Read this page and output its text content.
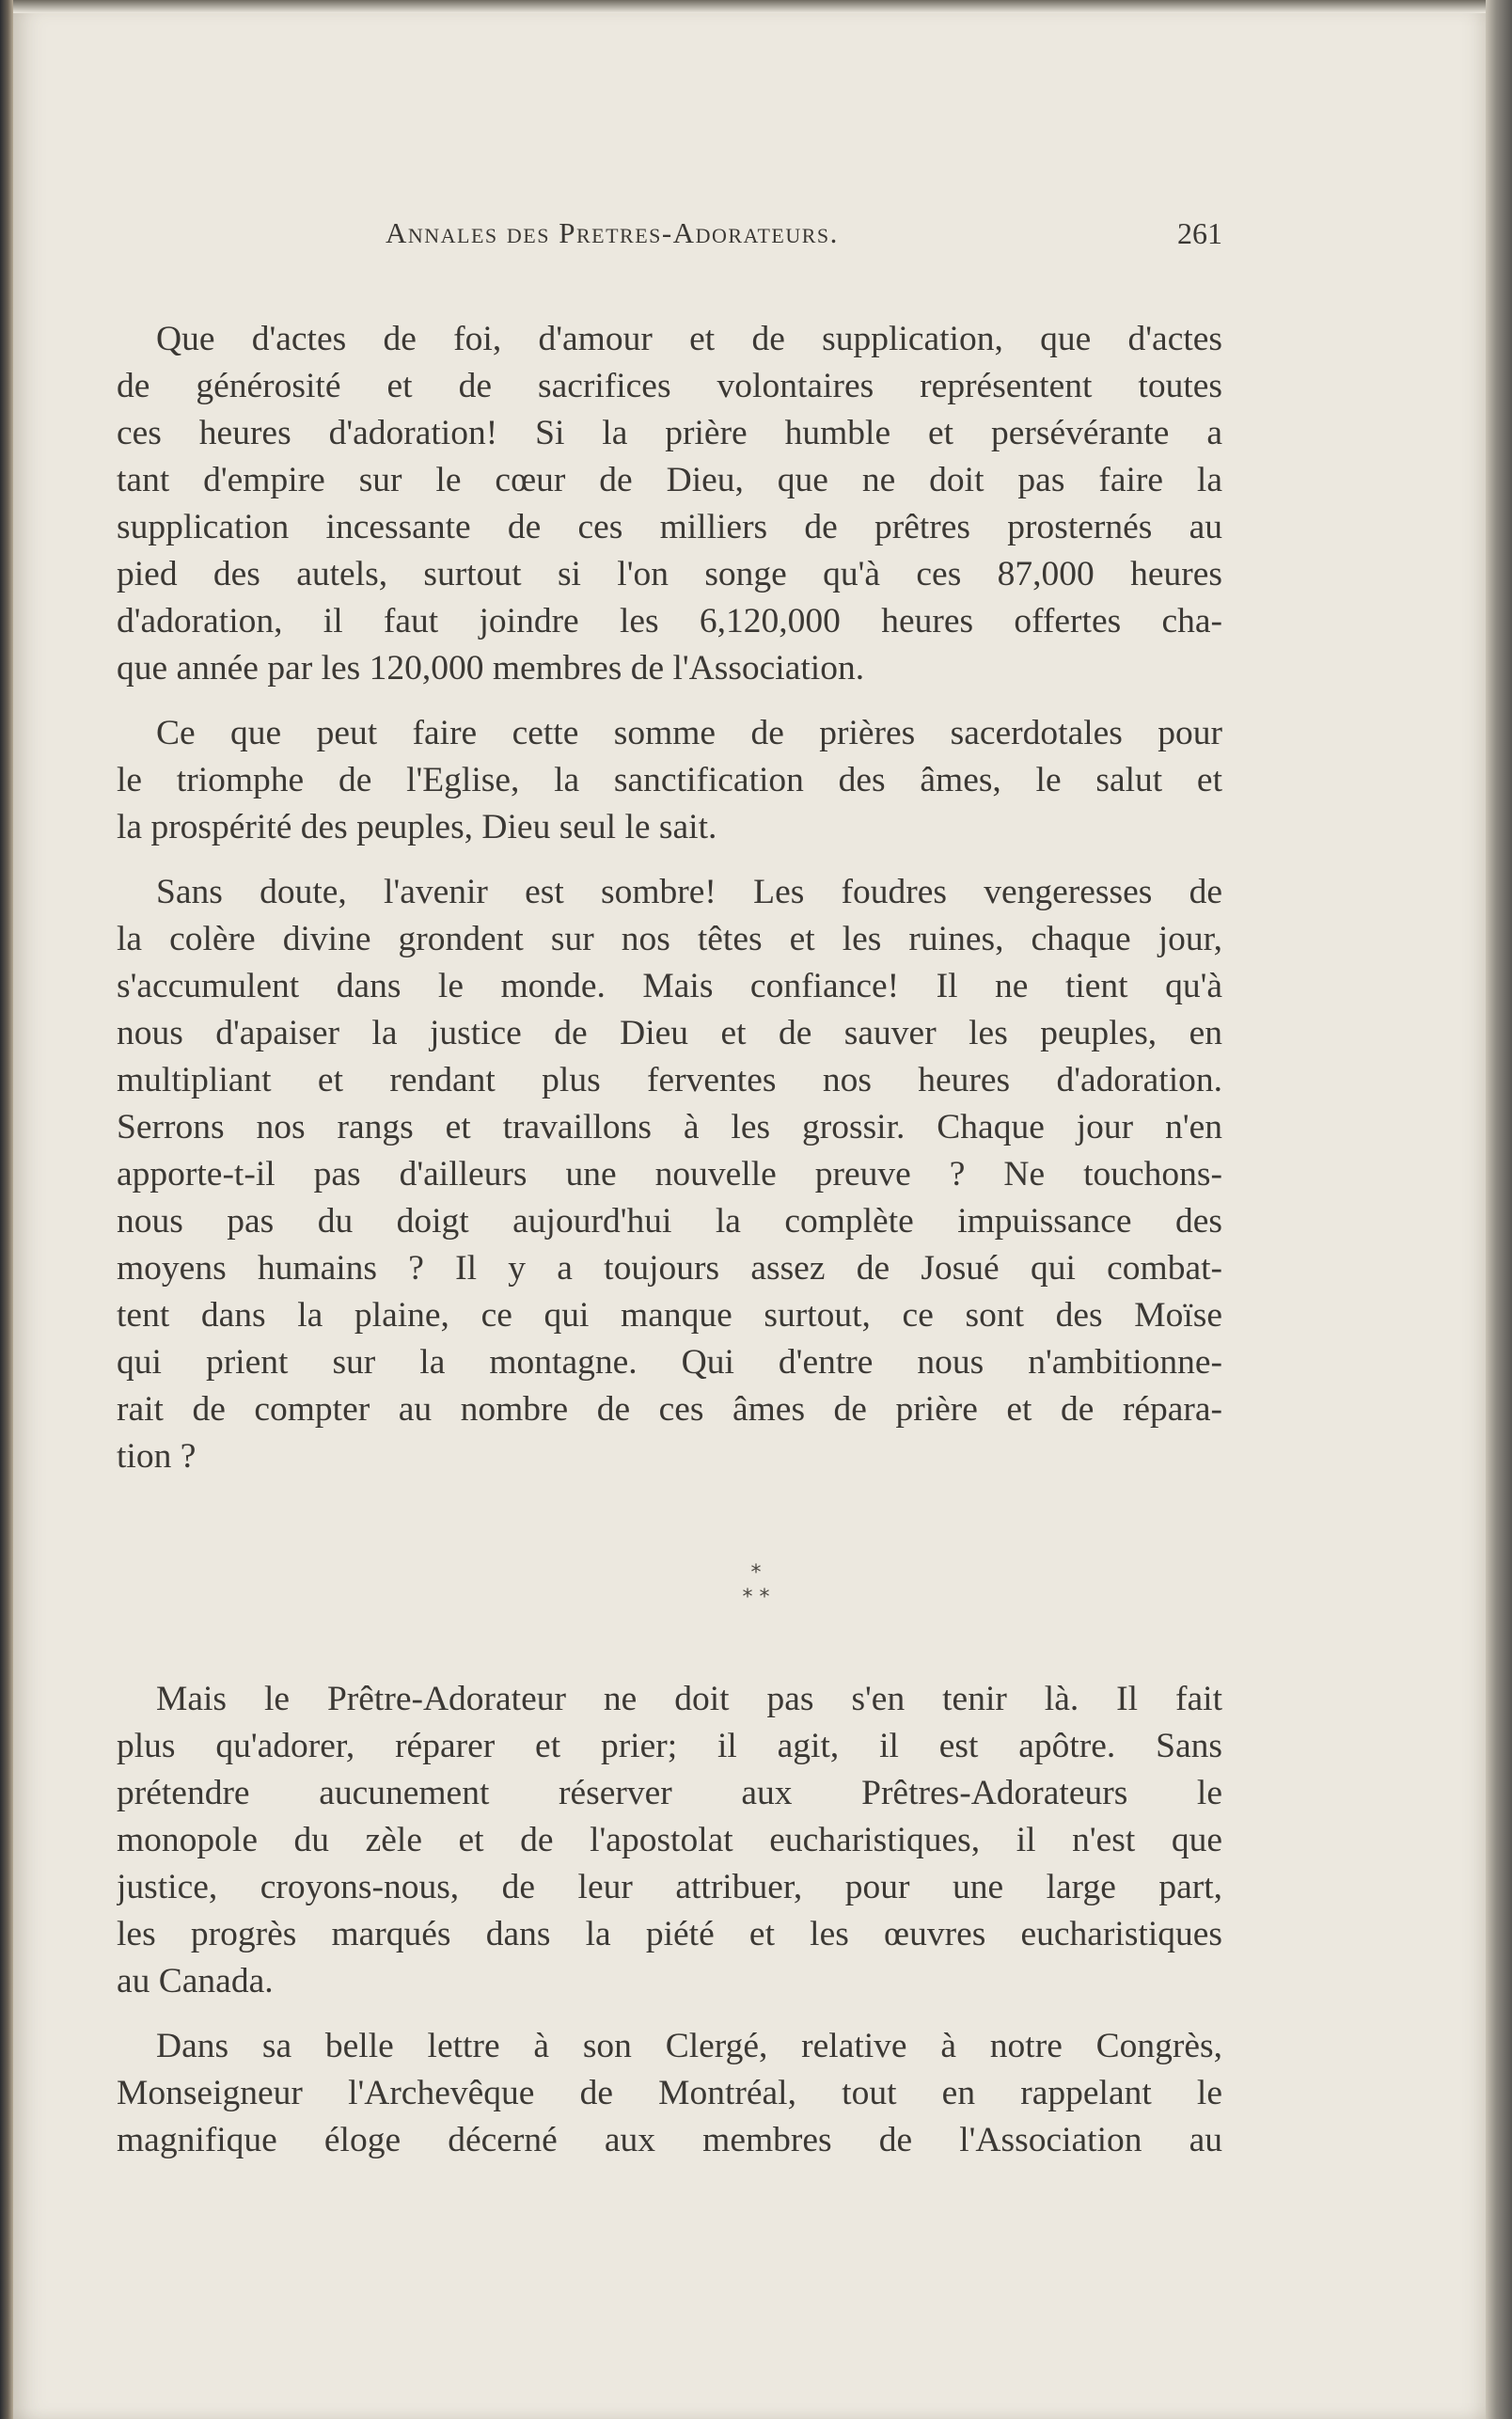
Annales des Pretres-Adorateurs.	261
Que d'actes de foi, d'amour et de supplication, que d'actes
de générosité et de sacrifices volontaires représentent toutes
ces heures d'adoration! Si la prière humble et persévérante a
tant d'empire sur le cœur de Dieu, que ne doit pas faire la
supplication incessante de ces milliers de prêtres prosternés au
pied des autels, surtout si l'on songe qu'à ces 87,000 heures
d'adoration, il faut joindre les 6,120,000 heures offertes cha-
que année par les 120,000 membres de l'Association.
Ce que peut faire cette somme de prières sacerdotales pour
le triomphe de l'Eglise, la sanctification des âmes, le salut et
la prospérité des peuples, Dieu seul le sait.
Sans doute, l'avenir est sombre! Les foudres vengeresses de
la colère divine grondent sur nos têtes et les ruines, chaque jour,
s'accumulent dans le monde. Mais confiance! Il ne tient qu'à
nous d'apaiser la justice de Dieu et de sauver les peuples, en
multipliant et rendant plus ferventes nos heures d'adoration.
Serrons nos rangs et travaillons à les grossir. Chaque jour n'en
apporte-t-il pas d'ailleurs une nouvelle preuve ? Ne touchons-
nous pas du doigt aujourd'hui la complète impuissance des
moyens humains ? Il y a toujours assez de Josué qui combat-
tent dans la plaine, ce qui manque surtout, ce sont des Moïse
qui prient sur la montagne. Qui d'entre nous n'ambitionne-
rait de compter au nombre de ces âmes de prière et de répara-
tion ?
*
* *
Mais le Prêtre-Adorateur ne doit pas s'en tenir là. Il fait
plus qu'adorer, réparer et prier; il agit, il est apôtre. Sans
prétendre aucunement réserver aux Prêtres-Adorateurs le
monopole du zèle et de l'apostolat eucharistiques, il n'est que
justice, croyons-nous, de leur attribuer, pour une large part,
les progrès marqués dans la piété et les œuvres eucharistiques
au Canada.
Dans sa belle lettre à son Clergé, relative à notre Congrès,
Monseigneur l'Archevêque de Montréal, tout en rappelant le
magnifique éloge décerné aux membres de l'Association au
